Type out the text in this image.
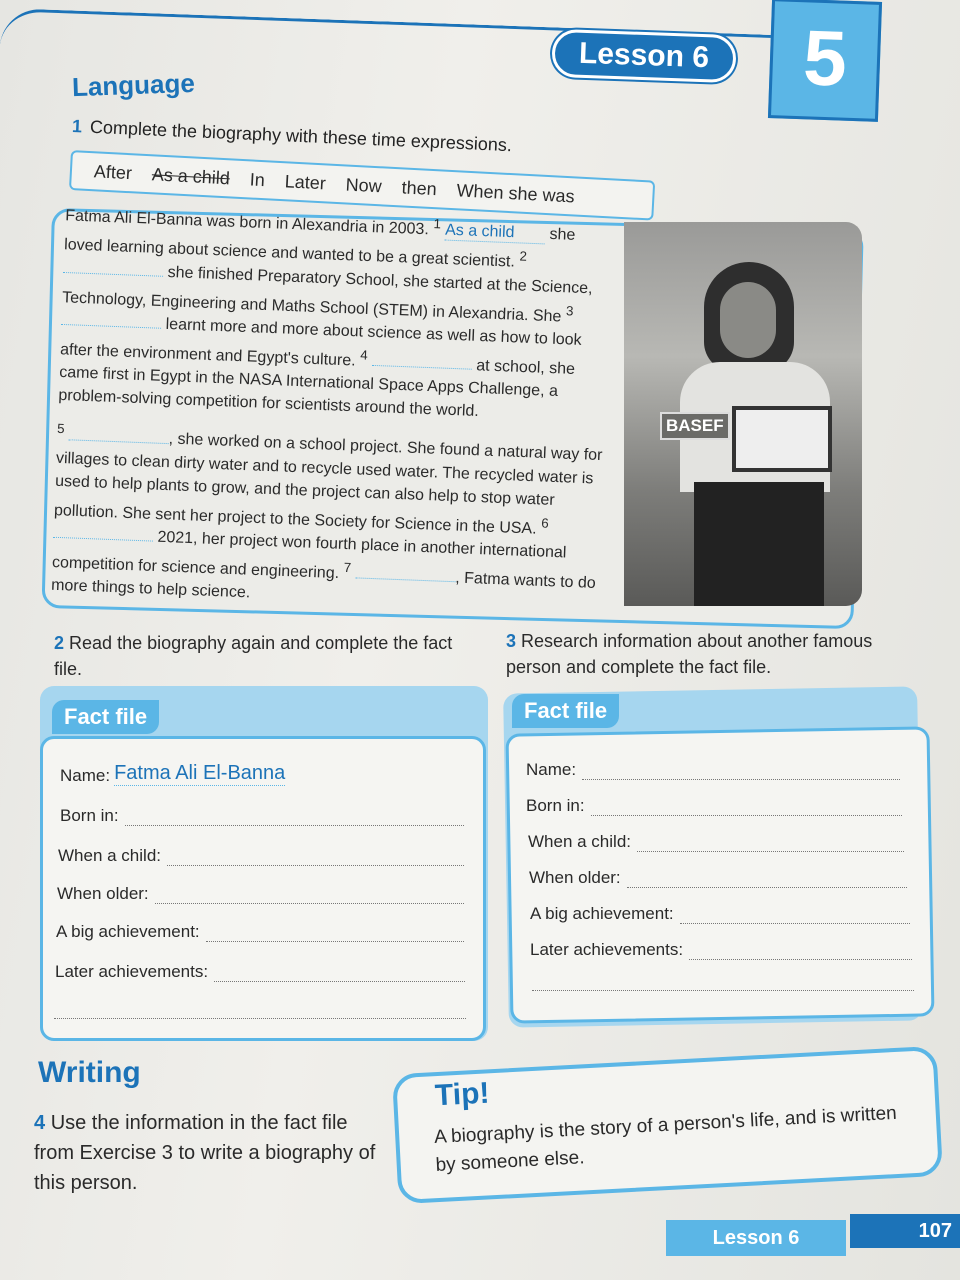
Lesson 6	5
Language
1 Complete the biography with these time expressions.
After As a child In Later Now then When she was

Fatma Ali El-Banna was born in Alexandria in 2003. $^1$ As a child she loved learning about science and wanted to be a great scientist. $^2$  she finished Preparatory School, she started at the Science, Technology, Engineering and Maths School (STEM) in Alexandria. She $^3$  learnt more and more about science as well as how to look after the environment and Egypt's culture. $^4$  at school, she came first in Egypt in the NASA International Space Apps Challenge, a problem-solving competition for scientists around the world.

$^5$ , she worked on a school project. She found a natural way for villages to clean dirty water and to recycle used water. The recycled water is used to help plants to grow, and the project can also help to stop water pollution. She sent her project to the Society for Science in the USA. $^6$  2021, her project won fourth place in another international competition for science and engineering. $^7$ , Fatma wants to do more things to help science.

BASEF
2 Read the biography again and complete the fact file.
3 Research information about another famous person and complete the fact file.
Fact file
Name: Fatma Ali El-Banna
Born in:
When a child:
When older:
A big achievement:
Later achievements:
Fact file
Name:
Born in:
When a child:
When older:
A big achievement:
Later achievements:
Writing
4 Use the information in the fact file from Exercise 3 to write a biography of this person.
Tip!
A biography is the story of a person's life, and is written by someone else.
Lesson 6	107
